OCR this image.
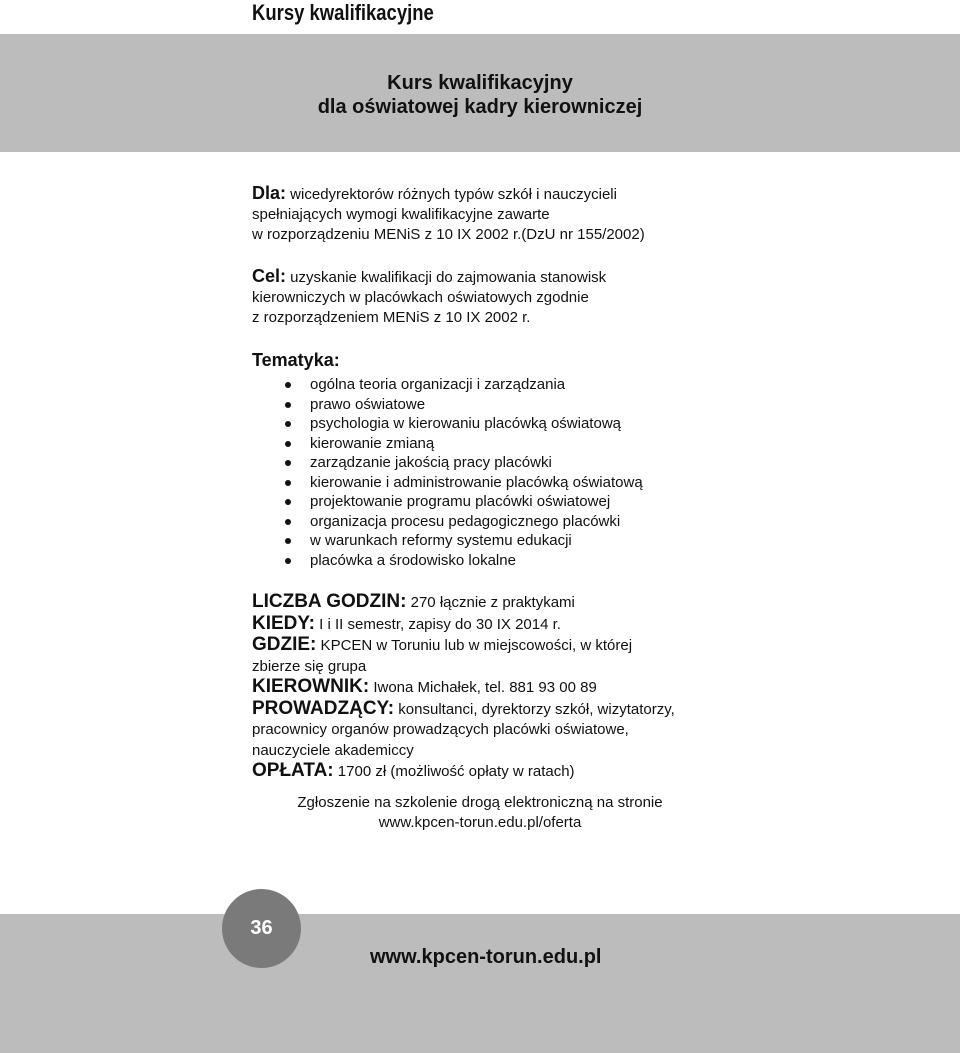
Kursy kwalifikacyjne
Kurs kwalifikacyjny
dla oświatowej kadry kierowniczej

Dla: wicedyrektorów różnych typów szkół i nauczycieli
spełniających wymogi kwalifikacyjne zawarte
w rozporządzeniu MENiS z 10 IX 2002 r.(DzU nr 155/2002)

Cel: uzyskanie kwalifikacji do zajmowania stanowisk
kierowniczych w placówkach oświatowych zgodnie
z rozporządzeniem MENiS z 10 IX 2002 r.

Tematyka:

ogólna teoria organizacji i zarządzania
prawo oświatowe
psychologia w kierowaniu placówką oświatową
kierowanie zmianą
zarządzanie jakością pracy placówki
kierowanie i administrowanie placówką oświatową
projektowanie programu placówki oświatowej
organizacja procesu pedagogicznego placówki
w warunkach reformy systemu edukacji
placówka a środowisko lokalne

LICZBA GODZIN: 270 łącznie z praktykami

KIEDY: I i II semestr, zapisy do 30 IX 2014 r.

GDZIE: KPCEN w Toruniu lub w miejscowości, w której
zbierze się grupa

KIEROWNIK: Iwona Michałek, tel. 881 93 00 89

PROWADZĄCY: konsultanci, dyrektorzy szkół, wizytatorzy,
pracownicy organów prowadzących placówki oświatowe,
nauczyciele akademiccy

OPŁATA: 1700 zł (możliwość opłaty w ratach)

Zgłoszenie na szkolenie drogą elektroniczną na stronie
www.kpcen-torun.edu.pl/oferta
36
www.kpcen-torun.edu.pl
